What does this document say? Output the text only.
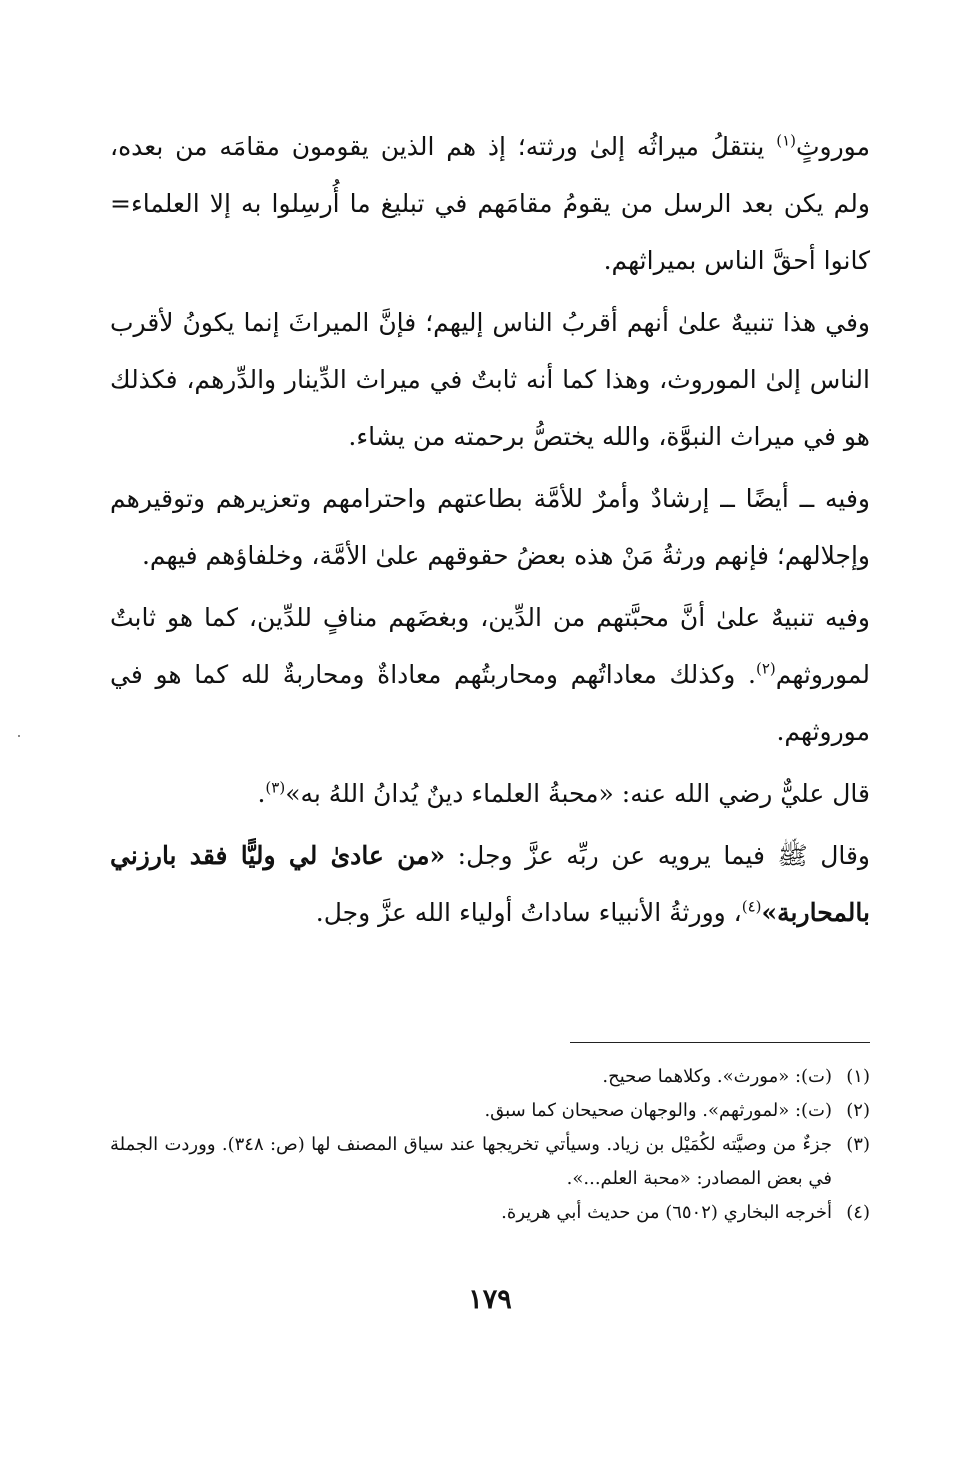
موروثٍ$^{(١)}$ ينتقلُ ميراثُه إلىٰ ورثته؛ إذ هم الذين يقومون مقامَه من بعده، ولم يكن بعد الرسل من يقومُ مقامَهم في تبليغ ما أُرسِلوا به إلا العلماء= كانوا أحقَّ الناس بميراثهم.

وفي هذا تنبيهٌ علىٰ أنهم أقربُ الناس إليهم؛ فإنَّ الميراثَ إنما يكونُ لأقرب الناس إلىٰ الموروث، وهذا كما أنه ثابتٌ في ميراث الدِّينار والدِّرهم، فكذلك هو في ميراث النبوَّة، والله يختصُّ برحمته من يشاء.

وفيه ــ أيضًا ــ إرشادٌ وأمرٌ للأمَّة بطاعتهم واحترامهم وتعزيرهم وتوقيرهم وإجلالهم؛ فإنهم ورثةُ مَنْ هذه بعضُ حقوقهم علىٰ الأمَّة، وخلفاؤهم فيهم.

وفيه تنبيهٌ علىٰ أنَّ محبَّتهم من الدِّين، وبغضَهم منافٍ للدِّين، كما هو ثابتٌ لموروثهم$^{(٢)}$. وكذلك معاداتُهم ومحاربتُهم معاداةٌ ومحاربةٌ لله كما هو في موروثهم.

قال عليٌّ رضي الله عنه: «محبةُ العلماء دينٌ يُدانُ اللهُ به»$^{(٣)}$.

وقال ﷺ فيما يرويه عن ربِّه عزَّ وجل: «من عادىٰ لي وليًّا فقد بارزني بالمحاربة»$^{(٤)}$، وورثةُ الأنبياء ساداتُ أولياء الله عزَّ وجل.

(١)
(ت): «مورث». وكلاهما صحيح.
(٢)
(ت): «لمورثهم». والوجهان صحيحان كما سبق.
(٣)
جزءٌ من وصيَّته لكُمَيْل بن زياد. وسيأتي تخريجها عند سياق المصنف لها (ص: ٣٤٨). ووردت الجملة في بعض المصادر: «محبة العلم...».
(٤)
أخرجه البخاري (٦٥٠٢) من حديث أبي هريرة.
١٧٩
